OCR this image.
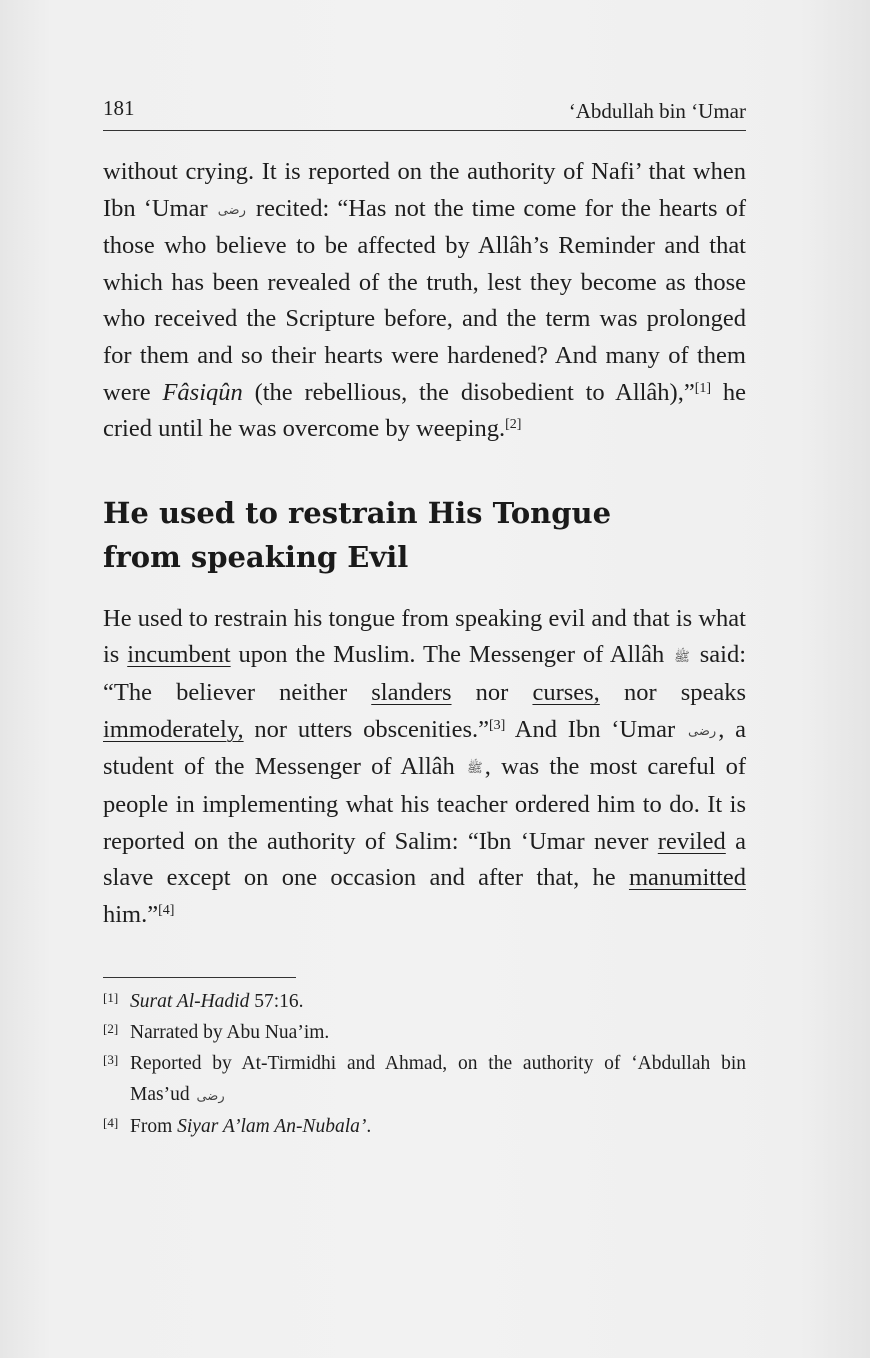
181	‘Abdullah bin ‘Umar

without crying. It is reported on the authority of Nafi’ that when Ibn ‘Umar رضى recited: “Has not the time come for the hearts of those who believe to be affected by Allâh’s Reminder and that which has been revealed of the truth, lest they become as those who received the Scripture before, and the term was prolonged for them and so their hearts were hardened? And many of them were Fâsiqûn (the rebellious, the disobedient to Allâh),”[1] he cried until he was overcome by weeping.[2]

He used to restrain His Tongue
from speaking Evil

He used to restrain his tongue from speaking evil and that is what is incumbent upon the Muslim. The Messenger of Allâh ﷺ said: “The believer neither slanders nor curses, nor speaks immoderately, nor utters obscenities.”[3] And Ibn ‘Umar رضى, a student of the Messenger of Allâh ﷺ, was the most careful of people in implementing what his teacher ordered him to do. It is reported on the authority of Salim: “Ibn ‘Umar never reviled a slave except on one occasion and after that, he manumitted him.”[4]

[1] Surat Al-Hadid 57:16.
[2] Narrated by Abu Nua’im.
[3] Reported by At-Tirmidhi and Ahmad, on the authority of ‘Abdullah bin Mas’ud رضى
[4] From Siyar A’lam An-Nubala’.
